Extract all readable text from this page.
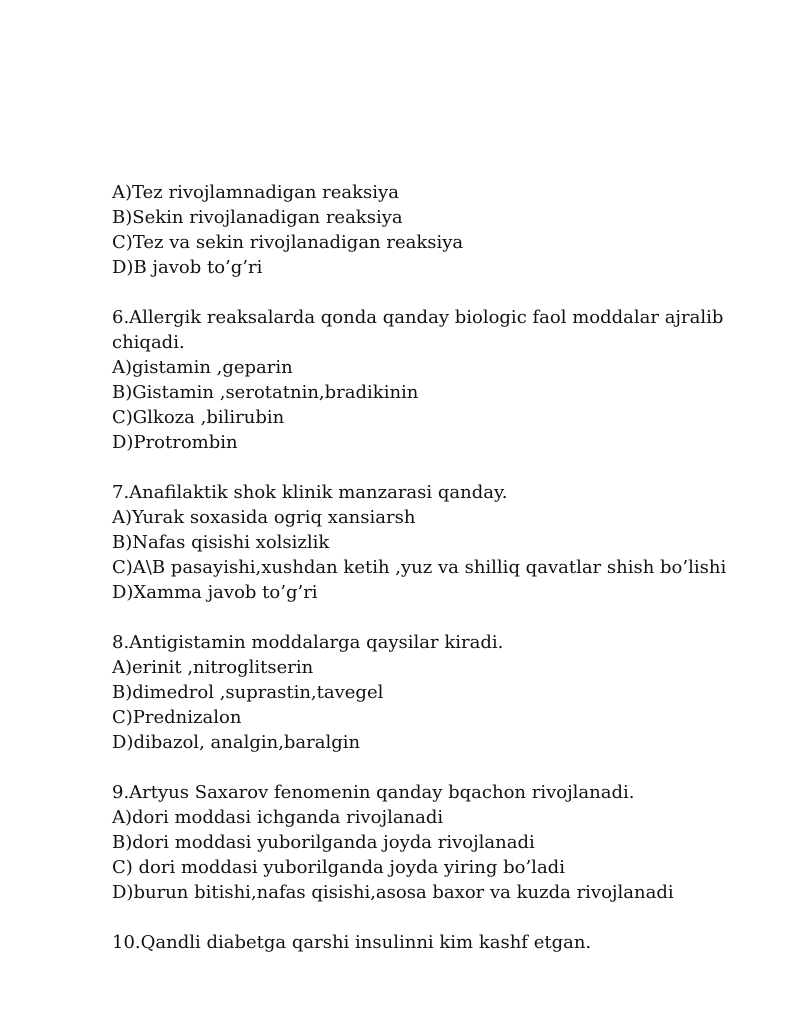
A)Tez rivojlamnadigan reaksiya
B)Sekin rivojlanadigan reaksiya
C)Tez va sekin rivojlanadigan reaksiya
D)B javob to’g’ri
6.Allergik reaksalarda qonda qanday biologic faol moddalar ajralib
chiqadi.
A)gistamin ,geparin
B)Gistamin ,serotatnin,bradikinin
C)Glkoza ,bilirubin
D)Protrombin
7.Anafilaktik shok klinik manzarasi qanday.
A)Yurak soxasida ogriq xansiarsh
B)Nafas qisishi xolsizlik
C)A\B pasayishi,xushdan ketih ,yuz va shilliq qavatlar shish bo’lishi
D)Xamma javob to’g’ri
8.Antigistamin moddalarga qaysilar kiradi.
A)erinit ,nitroglitserin
B)dimedrol ,suprastin,tavegel
C)Prednizalon
D)dibazol, analgin,baralgin
9.Artyus Saxarov fenomenin qanday bqachon rivojlanadi.
A)dori moddasi ichganda rivojlanadi
B)dori moddasi yuborilganda joyda rivojlanadi
C) dori moddasi yuborilganda joyda yiring bo’ladi
D)burun bitishi,nafas qisishi,asosa baxor va kuzda rivojlanadi
10.Qandli diabetga qarshi insulinni kim kashf etgan.
